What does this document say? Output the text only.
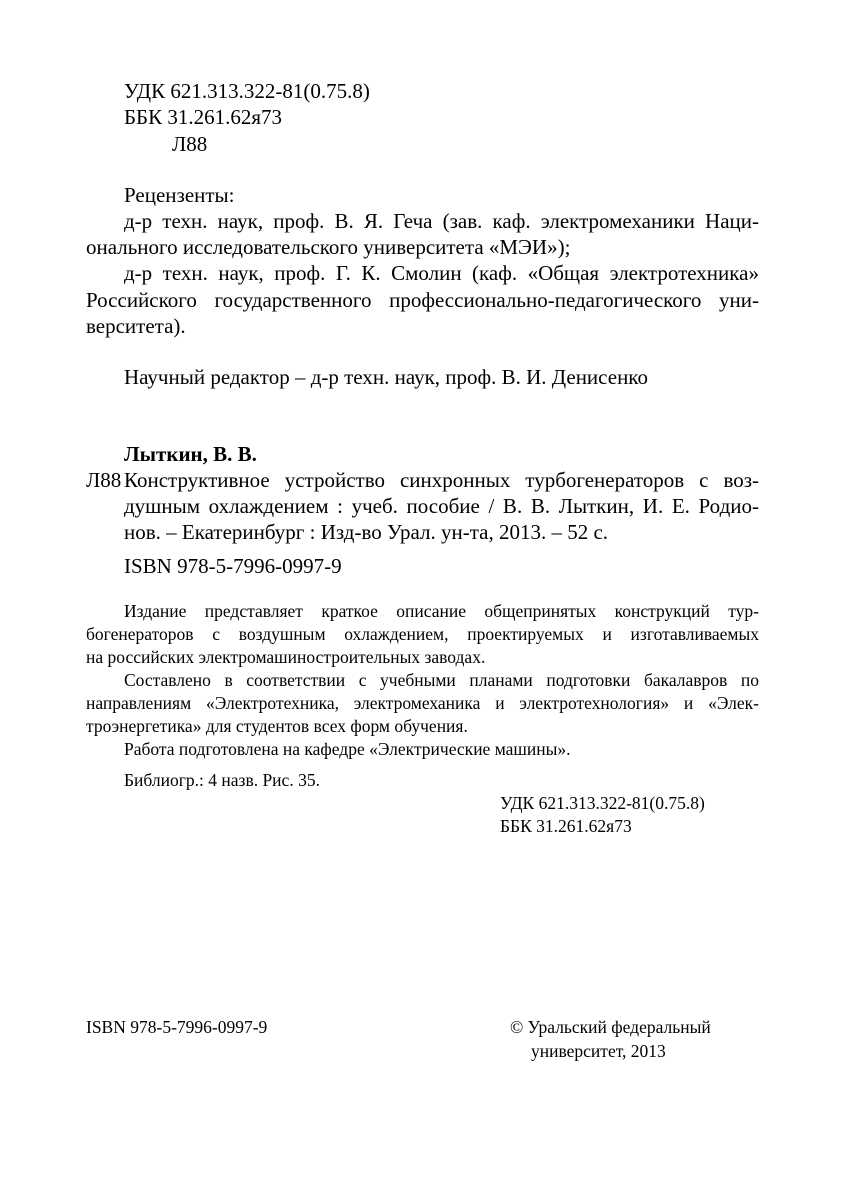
УДК 621.313.322-81(0.75.8)
ББК 31.261.62я73
Л88
Рецензенты:
д-р техн. наук, проф. В. Я. Геча (зав. каф. электромеханики Наци-
онального исследовательского университета «МЭИ»);
д-р техн. наук, проф. Г. К. Смолин (каф. «Общая электротехника»
Российского государственного профессионально-педагогического уни-
верситета).
Научный редактор – д-р техн. наук, проф. В. И. Денисенко
Лыткин, В. В.
Л88 Конструктивное устройство синхронных турбогенераторов с воз-
душным охлаждением : учеб. пособие / В. В. Лыткин, И. Е. Родио-
нов. – Екатеринбург : Изд-во Урал. ун-та, 2013. – 52 с.
ISBN 978-5-7996-0997-9
Издание представляет краткое описание общепринятых конструкций тур-
богенераторов с воздушным охлаждением, проектируемых и изготавливаемых
на российских электромашиностроительных заводах.
Составлено в соответствии с учебными планами подготовки бакалавров по
направлениям «Электротехника, электромеханика и электротехнология» и «Элек-
троэнергетика» для студентов всех форм обучения.
Работа подготовлена на кафедре «Электрические машины».
Библиогр.: 4 назв. Рис. 35.
УДК 621.313.322-81(0.75.8)
ББК 31.261.62я73
ISBN 978-5-7996-0997-9	© Уральский федеральный
университет, 2013
